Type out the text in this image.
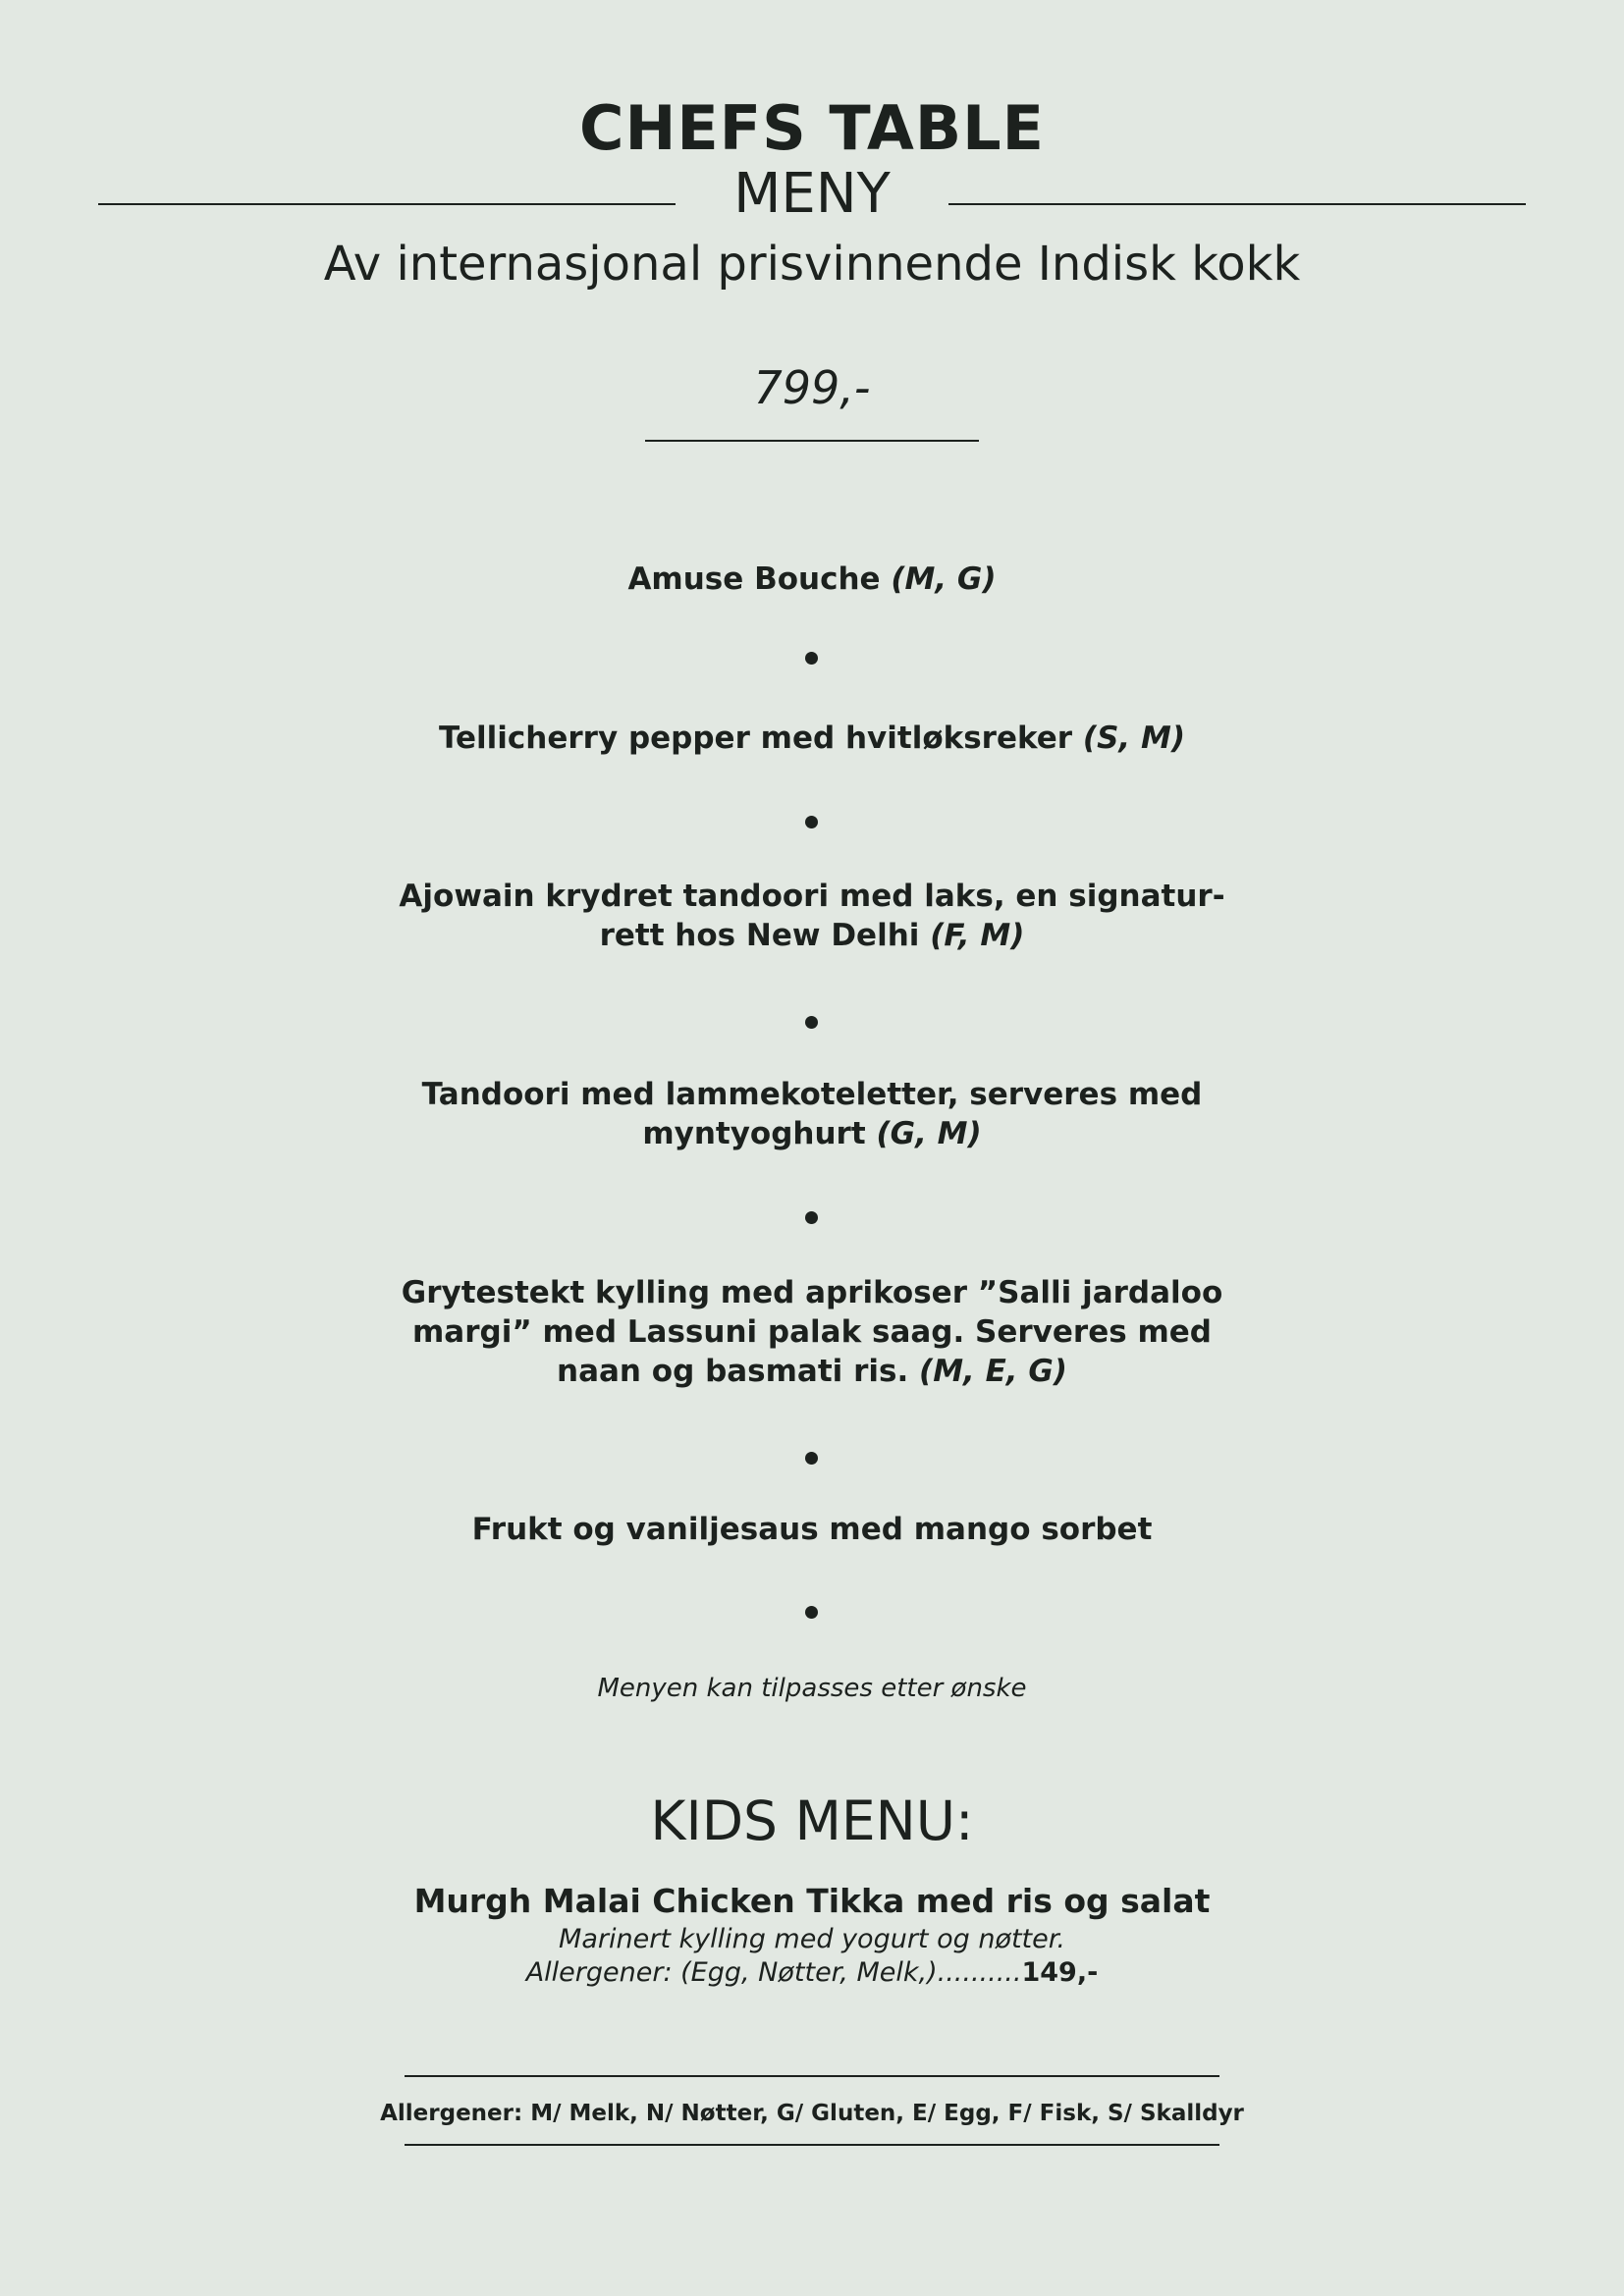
CHEFS TABLE
MENY
Av internasjonal prisvinnende Indisk kokk
799,-
Amuse Bouche (M, G)
Tellicherry pepper med hvitløksreker (S, M)
Ajowain krydret tandoori med laks, en signatur-
rett hos New Delhi (F, M)
Tandoori med lammekoteletter, serveres med
myntyoghurt (G, M)
Grytestekt kylling med aprikoser ”Salli jardaloo
margi” med Lassuni palak saag. Serveres med
naan og basmati ris. (M, E, G)
Frukt og vaniljesaus med mango sorbet
Menyen kan tilpasses etter ønske
KIDS MENU:
Murgh Malai Chicken Tikka med ris og salat
Marinert kylling med yogurt og nøtter.
Allergener: (Egg, Nøtter, Melk,)..........149,-
Allergener: M/ Melk, N/ Nøtter, G/ Gluten, E/ Egg, F/ Fisk, S/ Skalldyr
